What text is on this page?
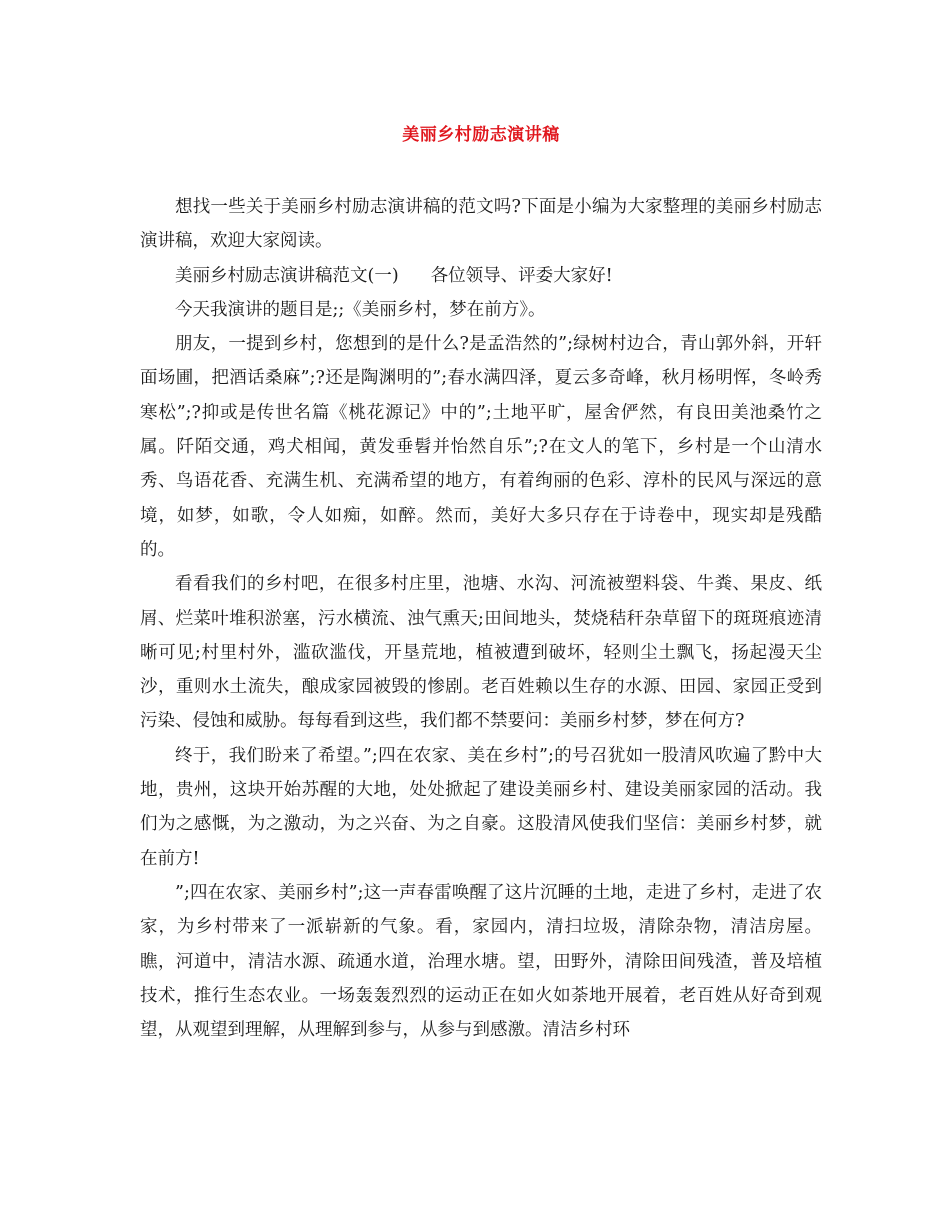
美丽乡村励志演讲稿

想找一些关于美丽乡村励志演讲稿的范文吗?下面是小编为大家整理的美丽乡村励志演讲稿，欢迎大家阅读。

美丽乡村励志演讲稿范文(一) 各位领导、评委大家好!

今天我演讲的题目是;;《美丽乡村，梦在前方》。

朋友，一提到乡村，您想到的是什么?是孟浩然的”;绿树村边合，青山郭外斜，开轩面场圃，把酒话桑麻”;?还是陶渊明的”;春水满四泽，夏云多奇峰，秋月杨明恽，冬岭秀寒松”;?抑或是传世名篇《桃花源记》中的”;土地平旷，屋舍俨然，有良田美池桑竹之属。阡陌交通，鸡犬相闻，黄发垂髫并怡然自乐”;?在文人的笔下，乡村是一个山清水秀、鸟语花香、充满生机、充满希望的地方，有着绚丽的色彩、淳朴的民风与深远的意境，如梦，如歌，令人如痴，如醉。然而，美好大多只存在于诗卷中，现实却是残酷的。

看看我们的乡村吧，在很多村庄里，池塘、水沟、河流被塑料袋、牛粪、果皮、纸屑、烂菜叶堆积淤塞，污水横流、浊气熏天;田间地头，焚烧秸秆杂草留下的斑斑痕迹清晰可见;村里村外，滥砍滥伐，开垦荒地，植被遭到破坏，轻则尘土飘飞，扬起漫天尘沙，重则水土流失，酿成家园被毁的惨剧。老百姓赖以生存的水源、田园、家园正受到污染、侵蚀和威胁。每每看到这些，我们都不禁要问：美丽乡村梦，梦在何方?

终于，我们盼来了希望。”;四在农家、美在乡村”;的号召犹如一股清风吹遍了黔中大地，贵州，这块开始苏醒的大地，处处掀起了建设美丽乡村、建设美丽家园的活动。我们为之感慨，为之激动，为之兴奋、为之自豪。这股清风使我们坚信：美丽乡村梦，就在前方!

”;四在农家、美丽乡村”;这一声春雷唤醒了这片沉睡的土地，走进了乡村，走进了农家，为乡村带来了一派崭新的气象。看，家园内，清扫垃圾，清除杂物，清洁房屋。瞧，河道中，清洁水源、疏通水道，治理水塘。望，田野外，清除田间残渣，普及培植技术，推行生态农业。一场轰轰烈烈的运动正在如火如荼地开展着，老百姓从好奇到观望，从观望到理解，从理解到参与，从参与到感激。清洁乡村环
